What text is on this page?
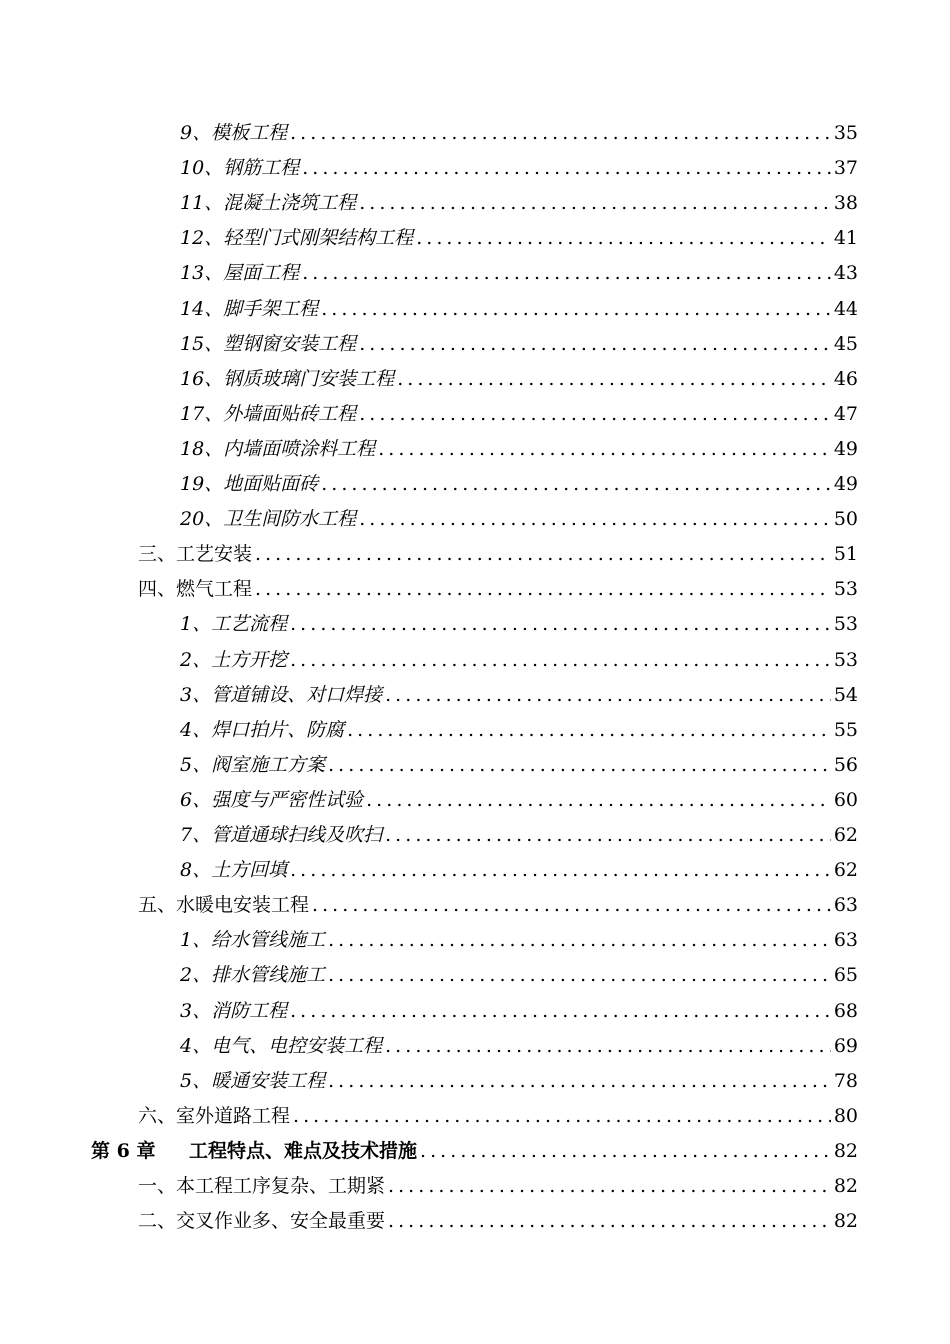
9、模板工程 . . .	35
10、钢筋工程 . . .	37
11、混凝土浇筑工程 . . .	38
12、轻型门式刚架结构工程 . . .	41
13、屋面工程 . . .	43
14、脚手架工程 . . .	44
15、塑钢窗安装工程 . . .	45
16、钢质玻璃门安装工程 . . .	46
17、外墙面贴砖工程 . . .	47
18、内墙面喷涂料工程 . . .	49
19、地面贴面砖 . . .	49
20、卫生间防水工程 . . .	50
三、工艺安装 . . .	51
四、燃气工程 . . .	53
1、工艺流程 . . .	53
2、土方开挖 . . .	53
3、管道铺设、对口焊接 . . .	54
4、焊口拍片、防腐 . . .	55
5、阀室施工方案 . . .	56
6、强度与严密性试验 . . .	60
7、管道通球扫线及吹扫 . . .	62
8、土方回填 . . .	62
五、水暖电安装工程 . . .	63
1、给水管线施工 . . .	63
2、排水管线施工 . . .	65
3、消防工程 . . .	68
4、电气、电控安装工程 . . .	69
5、暖通安装工程 . . .	78
六、室外道路工程 . . .	80
第 6 章 工程特点、难点及技术措施 . . .	82
一、本工程工序复杂、工期紧 . . .	82
二、交叉作业多、安全最重要 . . .	82
